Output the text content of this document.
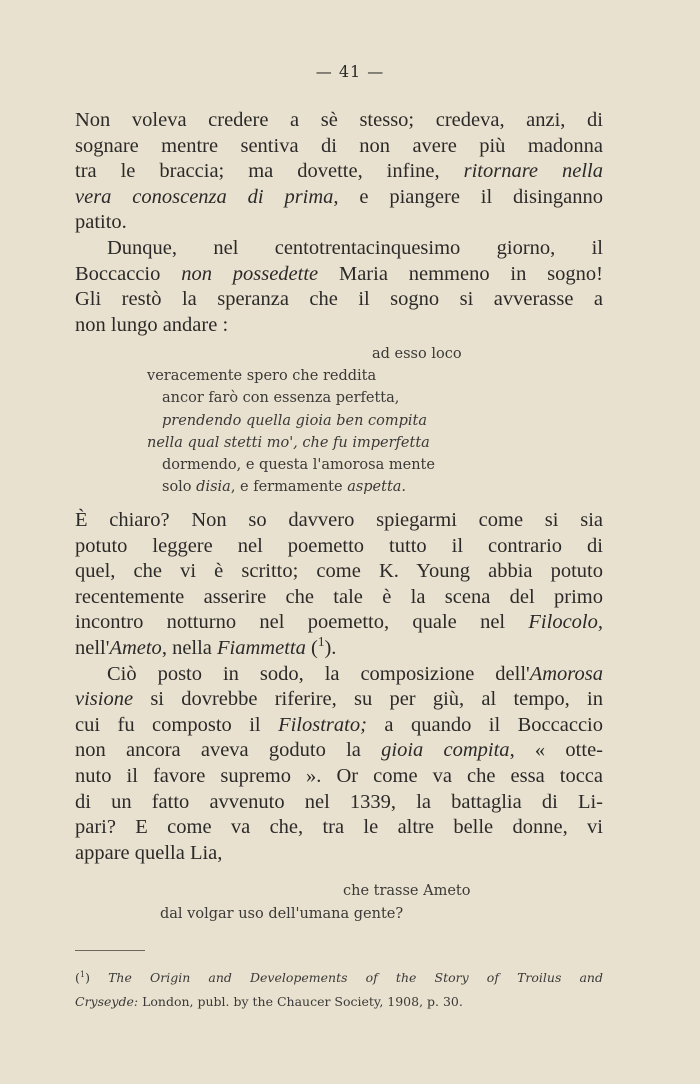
— 41 —
Non voleva credere a sè stesso; credeva, anzi, di
sognare mentre sentiva di non avere più madonna
tra le braccia; ma dovette, infine, ritornare nella
vera conoscenza di prima, e piangere il disinganno
patito.
Dunque, nel centotrentacinquesimo giorno, il
Boccaccio non possedette Maria nemmeno in sogno!
Gli restò la speranza che il sogno si avverasse a
non lungo andare :
ad esso loco
veracemente spero che reddita
ancor farò con essenza perfetta,
prendendo quella gioia ben compita
nella qual stetti mo', che fu imperfetta
dormendo, e questa l'amorosa mente
solo disia, e fermamente aspetta.
È chiaro? Non so davvero spiegarmi come si sia
potuto leggere nel poemetto tutto il contrario di
quel, che vi è scritto; come K. Young abbia potuto
recentemente asserire che tale è la scena del primo
incontro notturno nel poemetto, quale nel Filocolo,
nell'Ameto, nella Fiammetta ($^1$).
Ciò posto in sodo, la composizione dell'Amorosa
visione si dovrebbe riferire, su per giù, al tempo, in
cui fu composto il Filostrato; a quando il Boccaccio
non ancora aveva goduto la gioia compita, « otte-
nuto il favore supremo ». Or come va che essa tocca
di un fatto avvenuto nel 1339, la battaglia di Li-
pari? E come va che, tra le altre belle donne, vi
appare quella Lia,
che trasse Ameto
dal volgar uso dell'umana gente?
($^1$) The Origin and Developements of the Story of Troilus and
Cryseyde: London, publ. by the Chaucer Society, 1908, p. 30.
